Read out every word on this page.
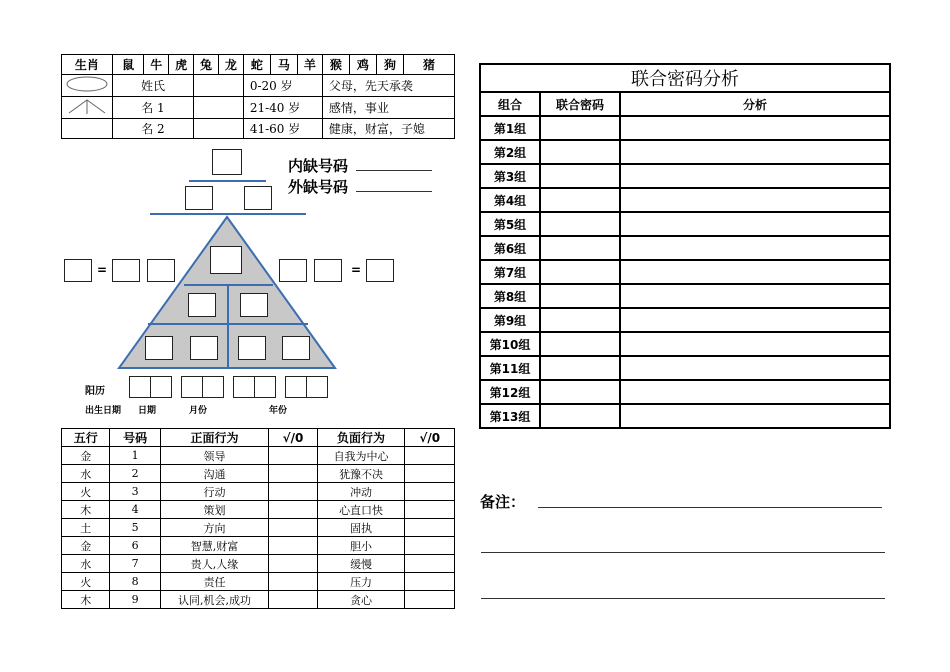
生肖	鼠	牛	虎	兔	龙	蛇	马	羊	猴	鸡	狗	猪
	姓氏					0-20 岁			父母，先天承袭			
	名 1					21-40 岁			感情，事业			
	名 2					41-60 岁			健康，财富，子媳			
内缺号码
外缺号码
=	=
阳历
出生日期 日期	月份	年份
五行	号码	正面行为	√/0	负面行为	√/0
金	1	领导		自我为中心	
水	2	沟通		犹豫不决	
火	3	行动		冲动	
木	4	策划		心直口快	
土	5	方向		固执	
金	6	智慧,财富		胆小	
水	7	贵人,人缘		缓慢	
火	8	责任		压力	
木	9	认同,机会,成功		贪心	
联合密码分析		
组合	联合密码	分析
第1组		
第2组		
第3组		
第4组		
第5组		
第6组		
第7组		
第8组		
第9组		
第10组		
第11组		
第12组		
第13组		
备注：
